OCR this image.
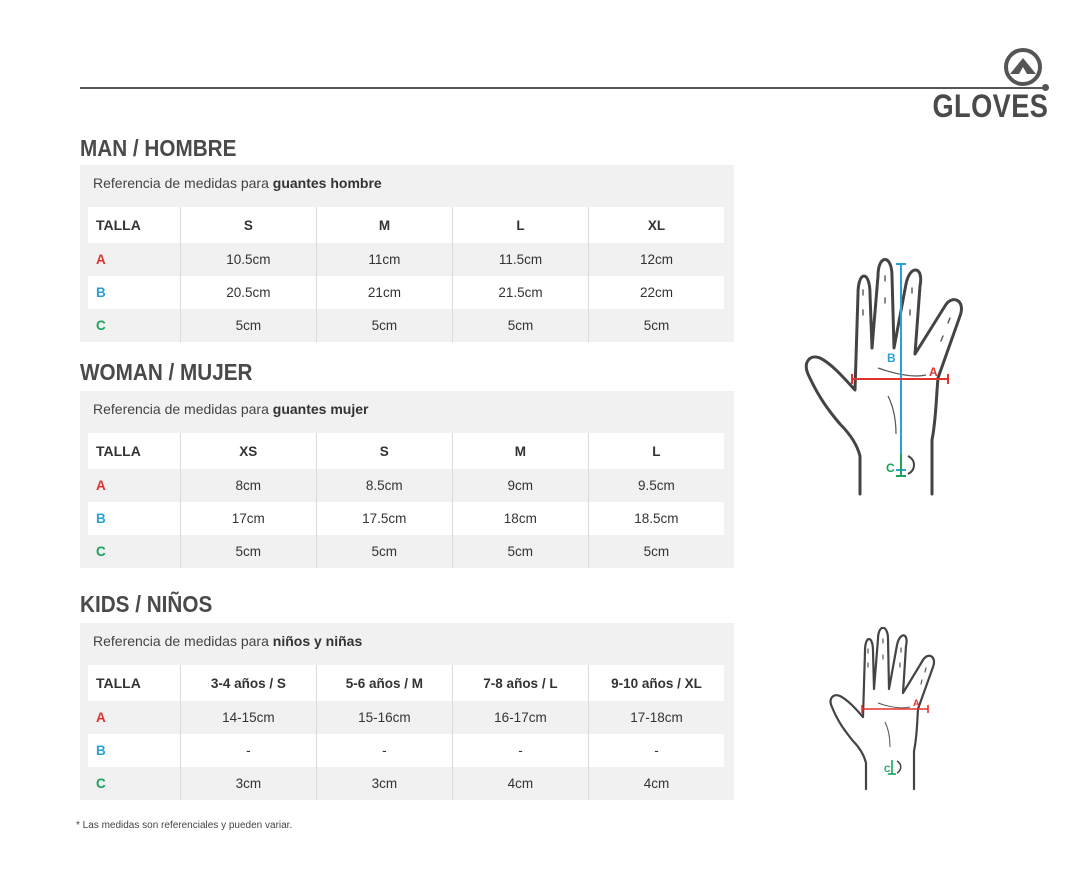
GLOVES
MAN / HOMBRE
Referencia de medidas para guantes hombre
TALLA	S	M	L	XL
A	10.5cm	11cm	11.5cm	12cm
B	20.5cm	21cm	21.5cm	22cm
C	5cm	5cm	5cm	5cm
WOMAN / MUJER
Referencia de medidas para guantes mujer
TALLA	XS	S	M	L
A	8cm	8.5cm	9cm	9.5cm
B	17cm	17.5cm	18cm	18.5cm
C	5cm	5cm	5cm	5cm
KIDS / NIÑOS
Referencia de medidas para niños y niñas
TALLA	3-4 años / S	5-6 años / M	7-8 años / L	9-10 años / XL
A	14-15cm	15-16cm	16-17cm	17-18cm
B	-	-	-	-
C	3cm	3cm	4cm	4cm
B
A
C
A
C
* Las medidas son referenciales y pueden variar.
